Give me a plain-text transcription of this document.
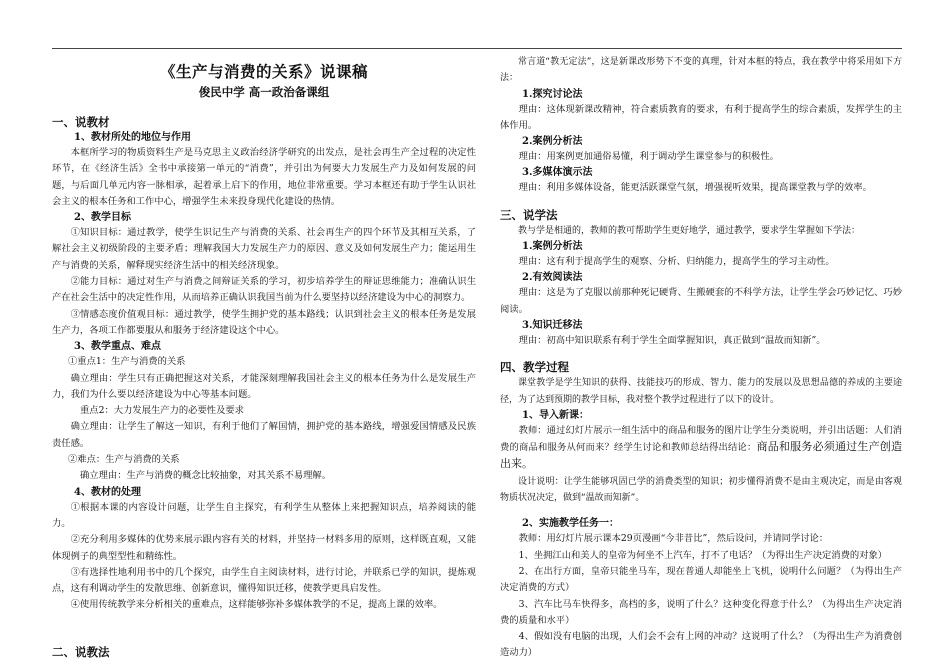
《生产与消费的关系》说课稿
俊民中学 高一政治备课组
一、说教材
1、教材所处的地位与作用

本框所学习的物质资料生产是马克思主义政治经济学研究的出发点，是社会再生产全过程的决定性环节，在《经济生活》全书中承接第一单元的“消费”，并引出为何要大力发展生产力及如何发展的问题，与后面几单元内容一脉相承，起着承上启下的作用，地位非常重要。学习本框还有助于学生认识社会主义的根本任务和工作中心，增强学生未来投身现代化建设的热情。

2、教学目标

①知识目标：通过教学，使学生识记生产与消费的关系、社会再生产的四个环节及其相互关系，了解社会主义初级阶段的主要矛盾；理解我国大力发展生产力的原因、意义及如何发展生产力；能运用生产与消费的关系，解释现实经济生活中的相关经济现象。

②能力目标：通过对生产与消费之间辩证关系的学习，初步培养学生的辩证思维能力；准确认识生产在社会生活中的决定性作用，从而培养正确认识我国当前为什么要坚持以经济建设为中心的洞察力。

③情感态度价值观目标：通过教学，使学生拥护党的基本路线；认识到社会主义的根本任务是发展生产力，各项工作都要服从和服务于经济建设这个中心。

3、教学重点、难点

①重点1：生产与消费的关系

确立理由：学生只有正确把握这对关系，才能深刻理解我国社会主义的根本任务为什么是发展生产力，我们为什么要以经济建设为中心等基本问题。

重点2：大力发展生产力的必要性及要求

确立理由：让学生了解这一知识，有利于他们了解国情，拥护党的基本路线，增强爱国情感及民族责任感。

②难点：生产与消费的关系

确立理由：生产与消费的概念比较抽象，对其关系不易理解。

4、教材的处理

①根据本课的内容设计问题，让学生自主探究，有利学生从整体上来把握知识点，培养阅读的能力。

②充分利用多媒体的优势来展示跟内容有关的材料，并坚持一材料多用的原则，这样既直观，又能体现例子的典型型性和精练性。

③有选择性地利用书中的几个探究，由学生自主阅读材料，进行讨论，并联系已学的知识，提炼观点，这有利调动学生的发散思维、创新意识，懂得知识迁移，使教学更具启发性。

④使用传统教学来分析相关的重难点，这样能够弥补多媒体教学的不足，提高上课的效率。

二、说教法

常言道“教无定法”，这是新课改形势下不变的真理，针对本框的特点，我在教学中将采用如下方法：

1.探究讨论法

理由：这体现新课改精神，符合素质教育的要求，有利于提高学生的综合素质，发挥学生的主体作用。

2.案例分析法

理由：用案例更加通俗易懂，利于调动学生课堂参与的积极性。

3.多媒体演示法

理由：利用多媒体设备，能更活跃课堂气氛，增强视听效果，提高课堂教与学的效率。

三、说学法

教与学是相通的，教师的教可帮助学生更好地学，通过教学，要求学生掌握如下学法：

1.案例分析法

理由：这有利于提高学生的观察、分析、归纳能力，提高学生的学习主动性。

2.有效阅读法

理由：这是为了克服以前那种死记硬背、生搬硬套的不科学方法，让学生学会巧妙记忆、巧妙阅读。

3.知识迁移法

理由：初高中知识联系有利于学生全面掌握知识，真正做到“温故而知新”。

四、教学过程

课堂教学是学生知识的获得、技能技巧的形成、智力、能力的发展以及思想品德的养成的主要途径，为了达到预期的教学目标，我对整个教学过程进行了以下的设计。

1、导入新课：

教师：通过幻灯片展示一组生活中的商品和服务的图片让学生分类说明，并引出话题：人们消费的商品和服务从何而来？经学生讨论和教师总结得出结论：商品和服务必须通过生产创造出来。

设计说明：让学生能够巩固已学的消费类型的知识；初步懂得消费不是由主观决定，而是由客观物质状况决定，做到“温故而知新”。

2、实施教学任务一：

教师：用幻灯片展示课本29页漫画“今非昔比”，然后设问，并请同学讨论：

1、坐拥江山和美人的皇帝为何坐不上汽车，打不了电话？（为得出生产决定消费的对象）

2、在出行方面，皇帝只能坐马车，现在普通人却能坐上飞机，说明什么问题？（为得出生产决定消费的方式）

3、汽车比马车快得多，高档的多，说明了什么？这种变化得意于什么？（为得出生产决定消费的质量和水平）

4、假如没有电脑的出现，人们会不会有上网的冲动？这说明了什么？（为得出生产为消费创造动力）
